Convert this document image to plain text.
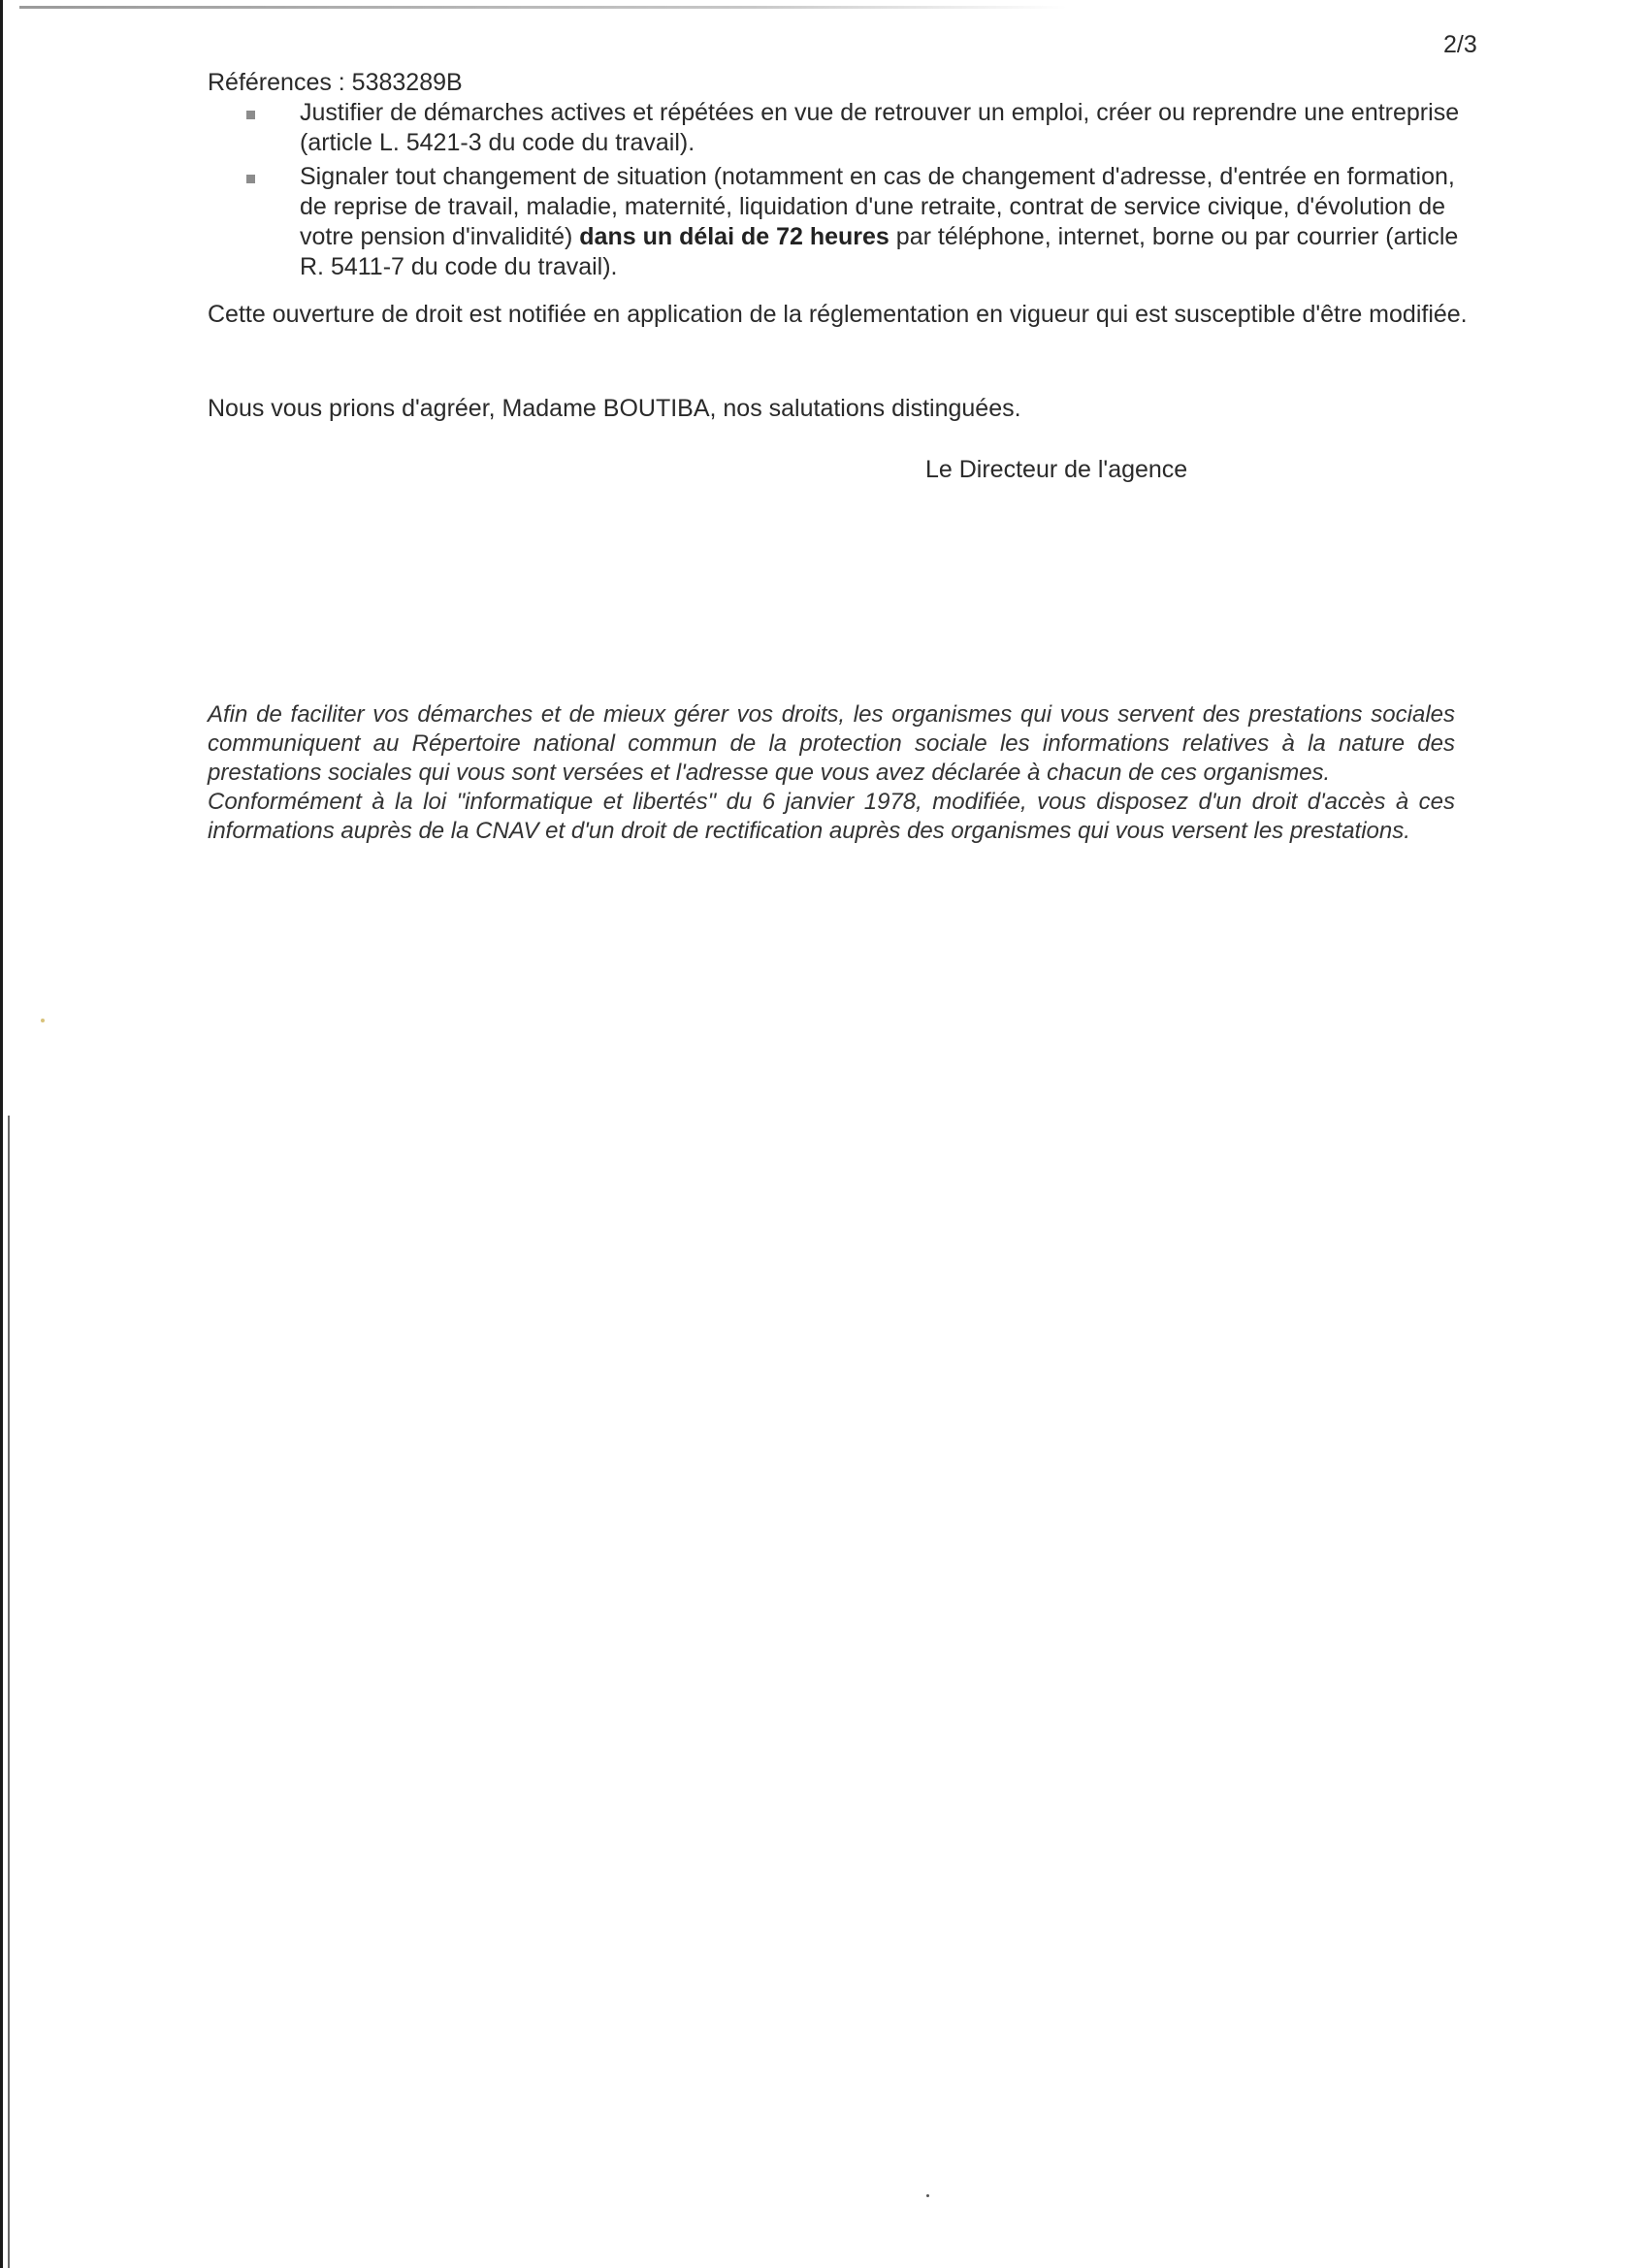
2/3

Références : 5383289B

Justifier de démarches actives et répétées en vue de retrouver un emploi, créer ou reprendre une entreprise (article L. 5421-3 du code du travail).
Signaler tout changement de situation (notamment en cas de changement d'adresse, d'entrée en formation, de reprise de travail, maladie, maternité, liquidation d'une retraite, contrat de service civique, d'évolution de votre pension d'invalidité) dans un délai de 72 heures par téléphone, internet, borne ou par courrier (article R. 5411-7 du code du travail).

Cette ouverture de droit est notifiée en application de la réglementation en vigueur qui est susceptible d'être modifiée.

Nous vous prions d'agréer, Madame BOUTIBA, nos salutations distinguées.

Le Directeur de l'agence

Afin de faciliter vos démarches et de mieux gérer vos droits, les organismes qui vous servent des prestations sociales communiquent au Répertoire national commun de la protection sociale les informations relatives à la nature des prestations sociales qui vous sont versées et l'adresse que vous avez déclarée à chacun de ces organismes.

Conformément à la loi "informatique et libertés" du 6 janvier 1978, modifiée, vous disposez d'un droit d'accès à ces informations auprès de la CNAV et d'un droit de rectification auprès des organismes qui vous versent les prestations.
